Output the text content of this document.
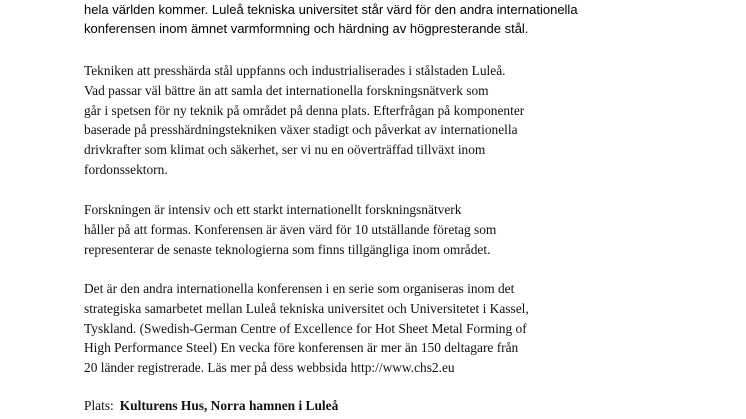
hela världen kommer. Luleå tekniska universitet står värd för den andra internationella

konferensen inom ämnet varmformning och härdning av högpresterande stål.

Tekniken att presshärda stål uppfanns och industrialiserades i stålstaden Luleå.
Vad passar väl bättre än att samla det internationella forskningsnätverk som
går i spetsen för ny teknik på området på denna plats. Efterfrågan på komponenter
baserade på presshärdningstekniken växer stadigt och påverkat av internationella
drivkrafter som klimat och säkerhet, ser vi nu en oöverträffad tillväxt inom
fordonssektorn.
Forskningen är intensiv och ett starkt internationellt forskningsnätverk
håller på att formas. Konferensen är även värd för 10 utställande företag som
representerar de senaste teknologierna som finns tillgängliga inom området.
Det är den andra internationella konferensen i en serie som organiseras inom det
strategiska samarbetet mellan Luleå tekniska universitet och Universitetet i Kassel,
Tyskland. (Swedish-German Centre of Excellence for Hot Sheet Metal Forming of
High Performance Steel) En vecka före konferensen är mer än 150 deltagare från
20 länder registrerade. Läs mer på dess webbsida http://www.chs2.eu
Plats: Kulturens Hus, Norra hamnen i Luleå
